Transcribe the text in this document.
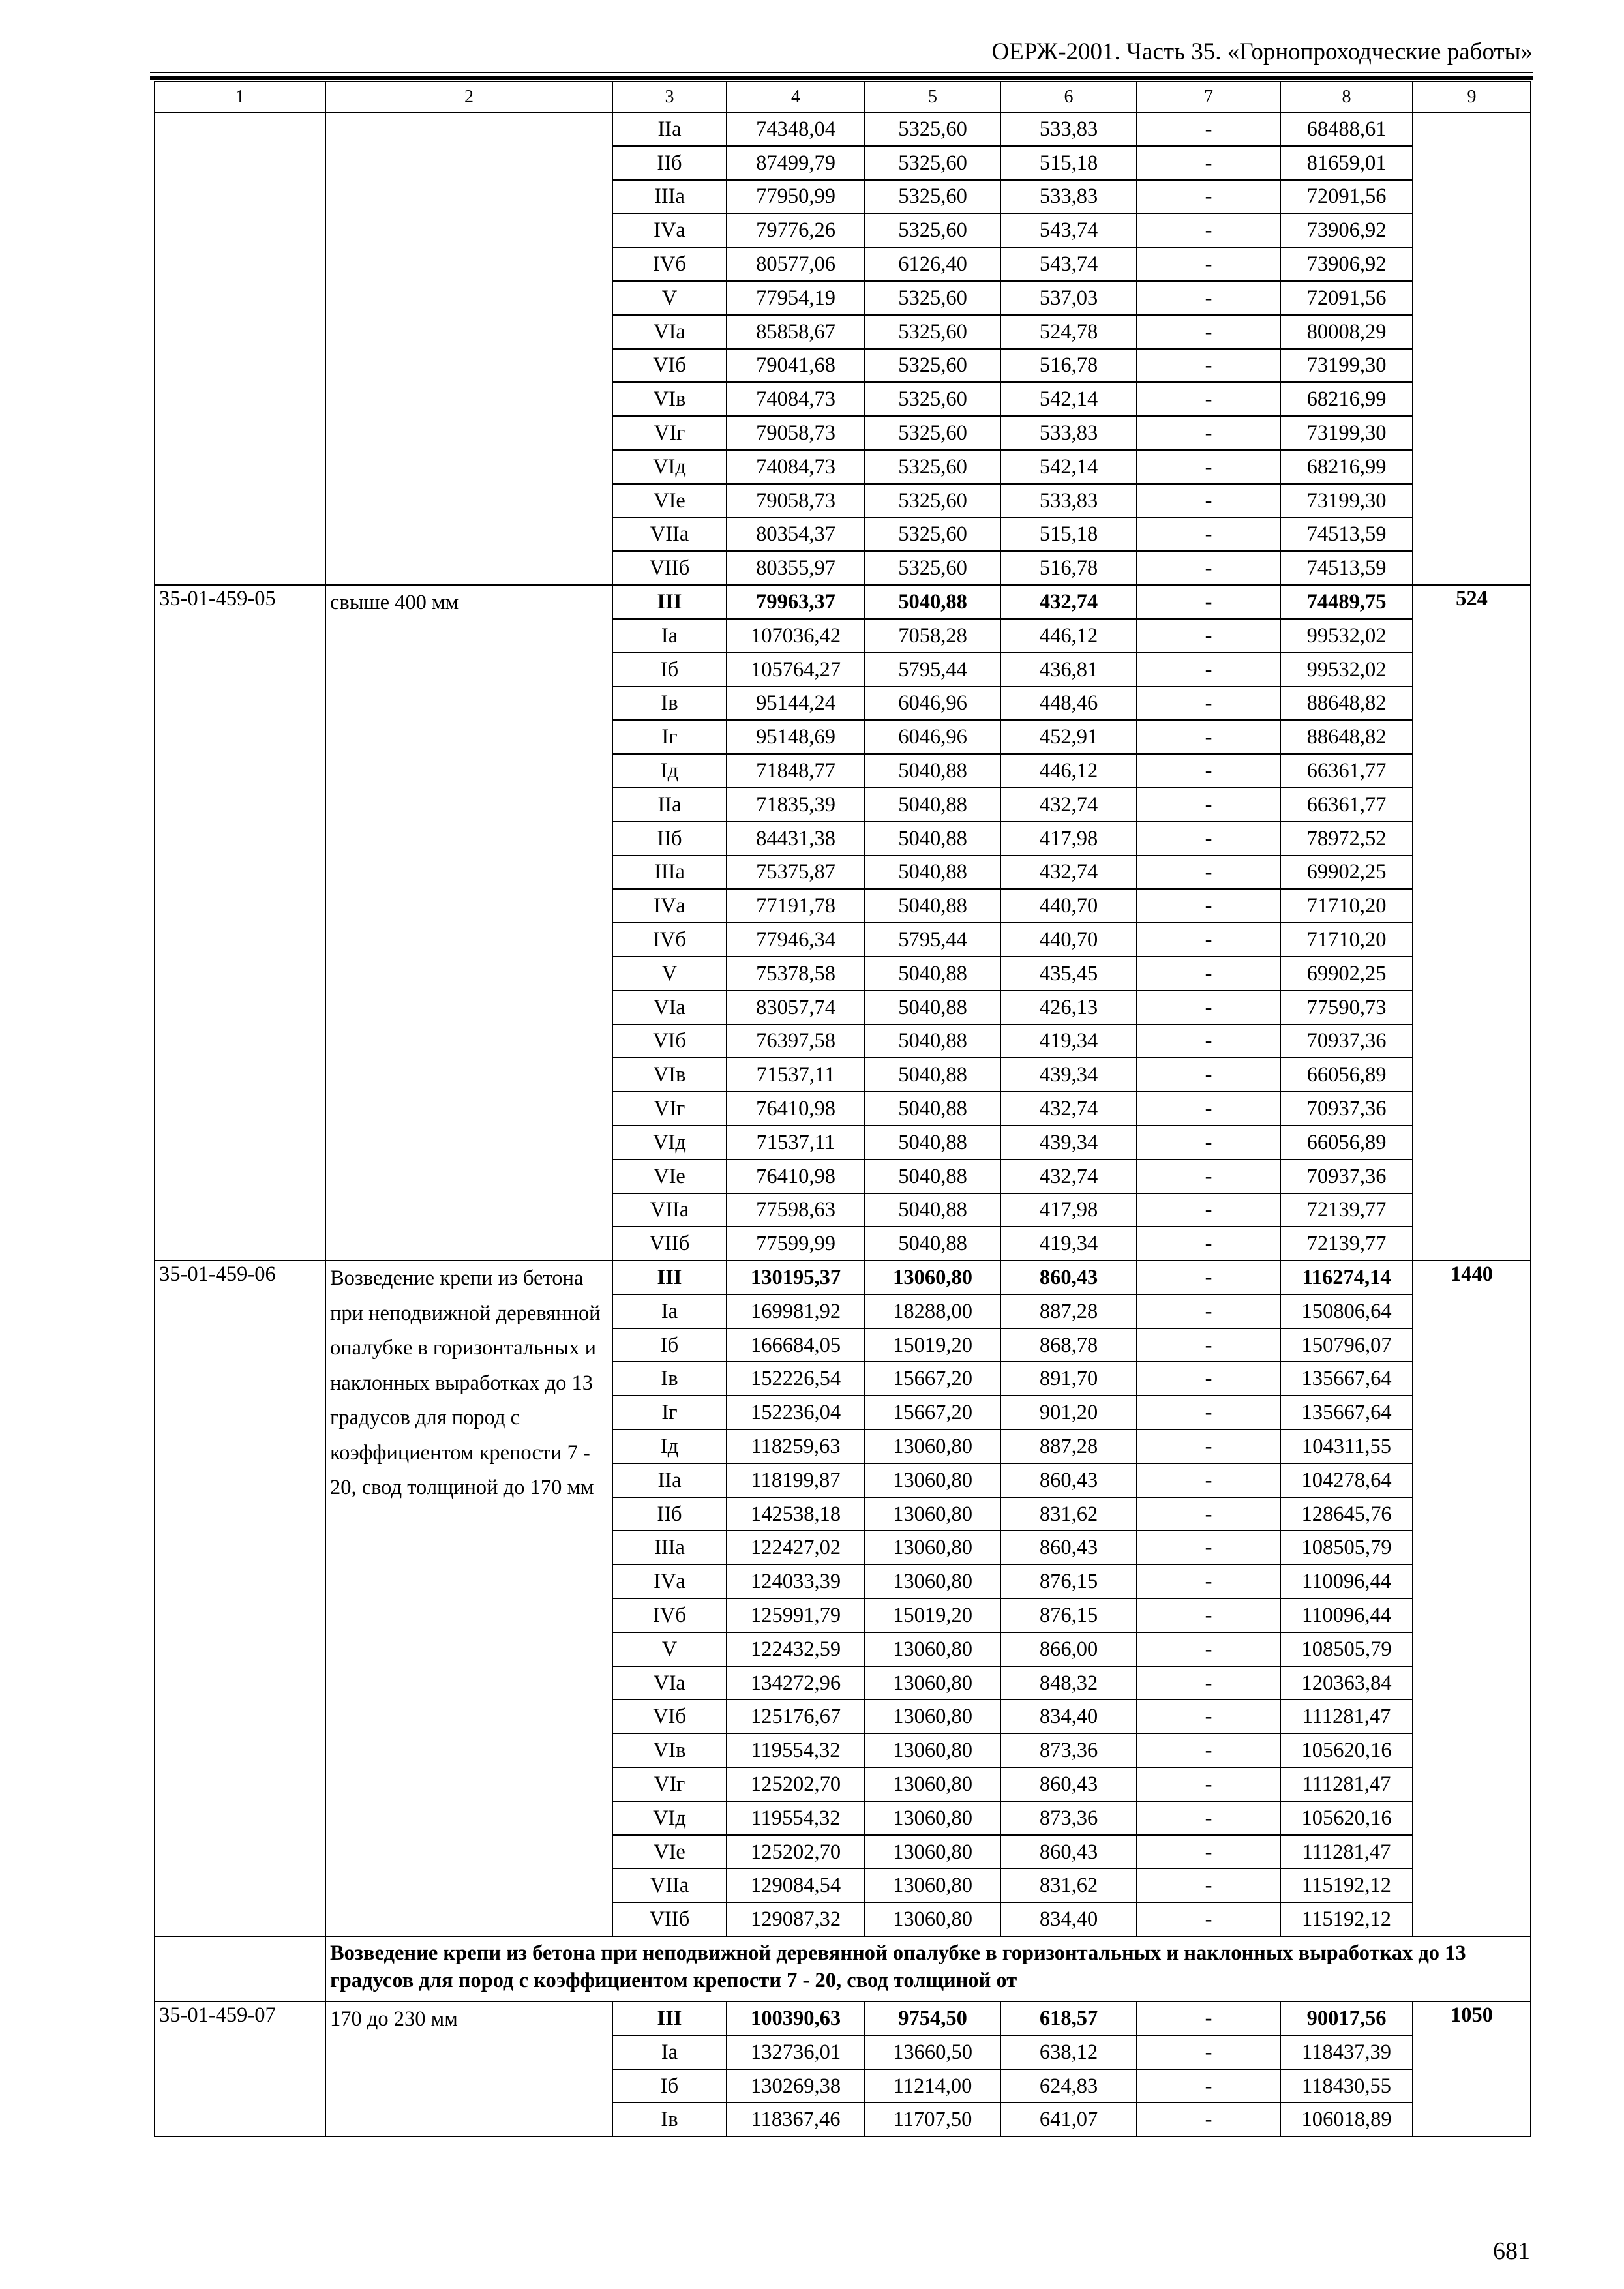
ОЕРЖ-2001. Часть 35. «Горнопроходческие работы»
1	2	3	4	5	6	7	8	9
		IIа	74348,04	5325,60	533,83	-	68488,61	
		IIб	87499,79	5325,60	515,18	-	81659,01	
		IIIа	77950,99	5325,60	533,83	-	72091,56	
		IVа	79776,26	5325,60	543,74	-	73906,92	
		IVб	80577,06	6126,40	543,74	-	73906,92	
		V	77954,19	5325,60	537,03	-	72091,56	
		VIа	85858,67	5325,60	524,78	-	80008,29	
		VIб	79041,68	5325,60	516,78	-	73199,30	
		VIв	74084,73	5325,60	542,14	-	68216,99	
		VIг	79058,73	5325,60	533,83	-	73199,30	
		VIд	74084,73	5325,60	542,14	-	68216,99	
		VIе	79058,73	5325,60	533,83	-	73199,30	
		VIIа	80354,37	5325,60	515,18	-	74513,59	
		VIIб	80355,97	5325,60	516,78	-	74513,59	
35-01-459-05	свыше 400 мм	III	79963,37	5040,88	432,74	-	74489,75	524
		Iа	107036,42	7058,28	446,12	-	99532,02	
		Iб	105764,27	5795,44	436,81	-	99532,02	
		Iв	95144,24	6046,96	448,46	-	88648,82	
		Iг	95148,69	6046,96	452,91	-	88648,82	
		Iд	71848,77	5040,88	446,12	-	66361,77	
		IIа	71835,39	5040,88	432,74	-	66361,77	
		IIб	84431,38	5040,88	417,98	-	78972,52	
		IIIа	75375,87	5040,88	432,74	-	69902,25	
		IVа	77191,78	5040,88	440,70	-	71710,20	
		IVб	77946,34	5795,44	440,70	-	71710,20	
		V	75378,58	5040,88	435,45	-	69902,25	
		VIа	83057,74	5040,88	426,13	-	77590,73	
		VIб	76397,58	5040,88	419,34	-	70937,36	
		VIв	71537,11	5040,88	439,34	-	66056,89	
		VIг	76410,98	5040,88	432,74	-	70937,36	
		VIд	71537,11	5040,88	439,34	-	66056,89	
		VIе	76410,98	5040,88	432,74	-	70937,36	
		VIIа	77598,63	5040,88	417,98	-	72139,77	
		VIIб	77599,99	5040,88	419,34	-	72139,77	
35-01-459-06	Возведение крепи из бетона при неподвижной деревянной опалубке в горизонтальных и наклонных выработках до 13 градусов для пород с коэффициентом крепости 7 - 20, свод толщиной до 170 мм	III	130195,37	13060,80	860,43	-	116274,14	1440
		Iа	169981,92	18288,00	887,28	-	150806,64	
		Iб	166684,05	15019,20	868,78	-	150796,07	
		Iв	152226,54	15667,20	891,70	-	135667,64	
		Iг	152236,04	15667,20	901,20	-	135667,64	
		Iд	118259,63	13060,80	887,28	-	104311,55	
		IIа	118199,87	13060,80	860,43	-	104278,64	
		IIб	142538,18	13060,80	831,62	-	128645,76	
		IIIа	122427,02	13060,80	860,43	-	108505,79	
		IVа	124033,39	13060,80	876,15	-	110096,44	
		IVб	125991,79	15019,20	876,15	-	110096,44	
		V	122432,59	13060,80	866,00	-	108505,79	
		VIа	134272,96	13060,80	848,32	-	120363,84	
		VIб	125176,67	13060,80	834,40	-	111281,47	
		VIв	119554,32	13060,80	873,36	-	105620,16	
		VIг	125202,70	13060,80	860,43	-	111281,47	
		VIд	119554,32	13060,80	873,36	-	105620,16	
		VIе	125202,70	13060,80	860,43	-	111281,47	
		VIIа	129084,54	13060,80	831,62	-	115192,12	
		VIIб	129087,32	13060,80	834,40	-	115192,12	
	Возведение крепи из бетона при неподвижной деревянной опалубке в горизонтальных и наклонных выработках до 13 градусов для пород с коэффициентом крепости 7 - 20, свод толщиной от							
35-01-459-07	170 до 230 мм	III	100390,63	9754,50	618,57	-	90017,56	1050
		Iа	132736,01	13660,50	638,12	-	118437,39	
		Iб	130269,38	11214,00	624,83	-	118430,55	
		Iв	118367,46	11707,50	641,07	-	106018,89	
681
